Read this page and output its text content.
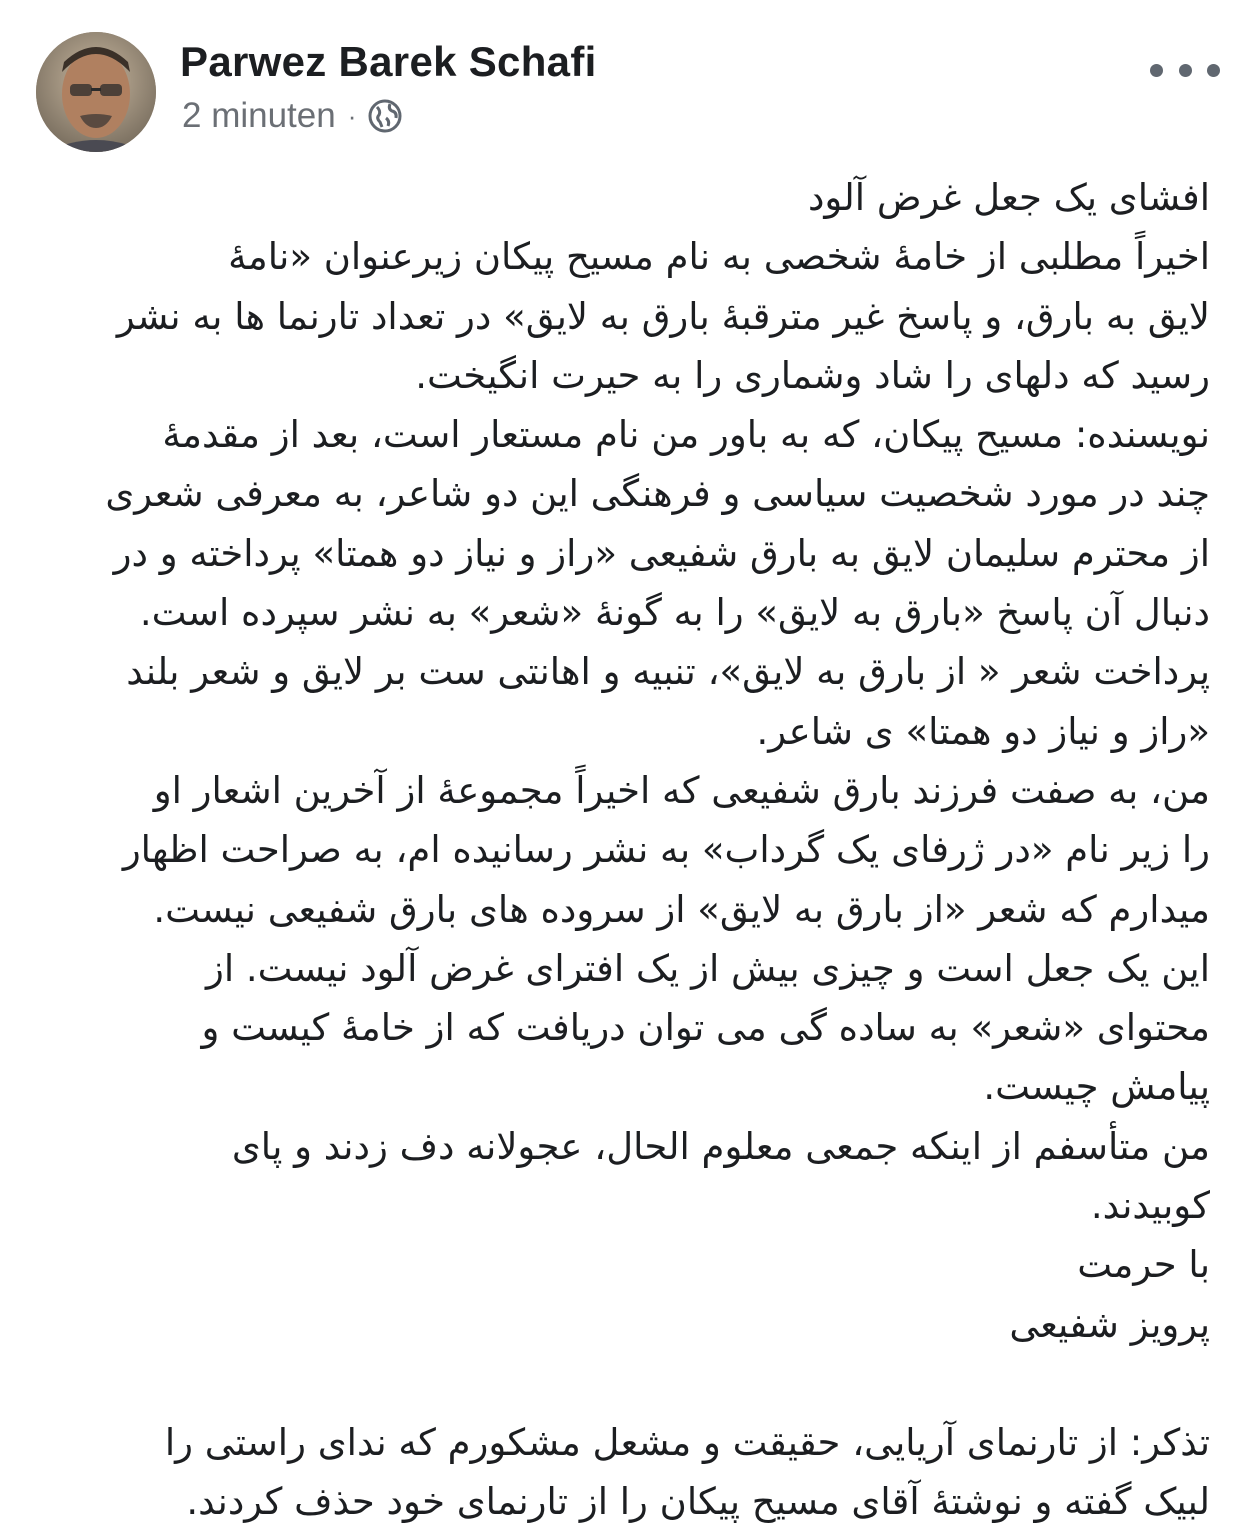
Parwez Barek Schafi
2 minuten ·

افشای یک جعل غرض آلود

اخیراً مطلبی از خامهٔ شخصی به نام مسیح پیکان زیرعنوان «نامهٔ
لایق به بارق، و پاسخ غیر مترقبهٔ بارق به لایق» در تعداد تارنما ها به نشر
رسید که دلهای را شاد وشماری را به حیرت انگیخت.

نویسنده: مسیح پیکان، که به باور من نام مستعار است، بعد از مقدمهٔ
چند در مورد شخصیت سیاسی و فرهنگی این دو شاعر، به معرفی شعری
از محترم سلیمان لایق به بارق شفیعی «راز و نیاز دو همتا» پرداخته و در
دنبال آن پاسخ «بارق به لایق» را به گونهٔ «شعر» به نشر سپرده است.

پرداخت شعر « از بارق به لایق»، تنبیه و اهانتی ست بر لایق و شعر بلند
«راز و نیاز دو همتا» ی شاعر.

من، به صفت فرزند بارق شفیعی که اخیراً مجموعهٔ از آخرین اشعار او
را زیر نام «در ژرفای یک گرداب» به نشر رسانیده ام، به صراحت اظهار
میدارم که شعر «از بارق به لایق» از سروده های بارق شفیعی نیست.

این یک جعل است و چیزی بیش از یک افترای غرض آلود نیست. از
محتوای «شعر» به ساده گی می توان دریافت که از خامهٔ کیست و
پیامش چیست.

من متأسفم از اینکه جمعی معلوم الحال، عجولانه دف زدند و پای
کوبیدند.

با حرمت

پرویز شفیعی

تذکر: از تارنمای آریایی، حقیقت و مشعل مشکورم که ندای راستی را
لبیک گفته و نوشتهٔ آقای مسیح پیکان را از تارنمای خود حذف کردند.
